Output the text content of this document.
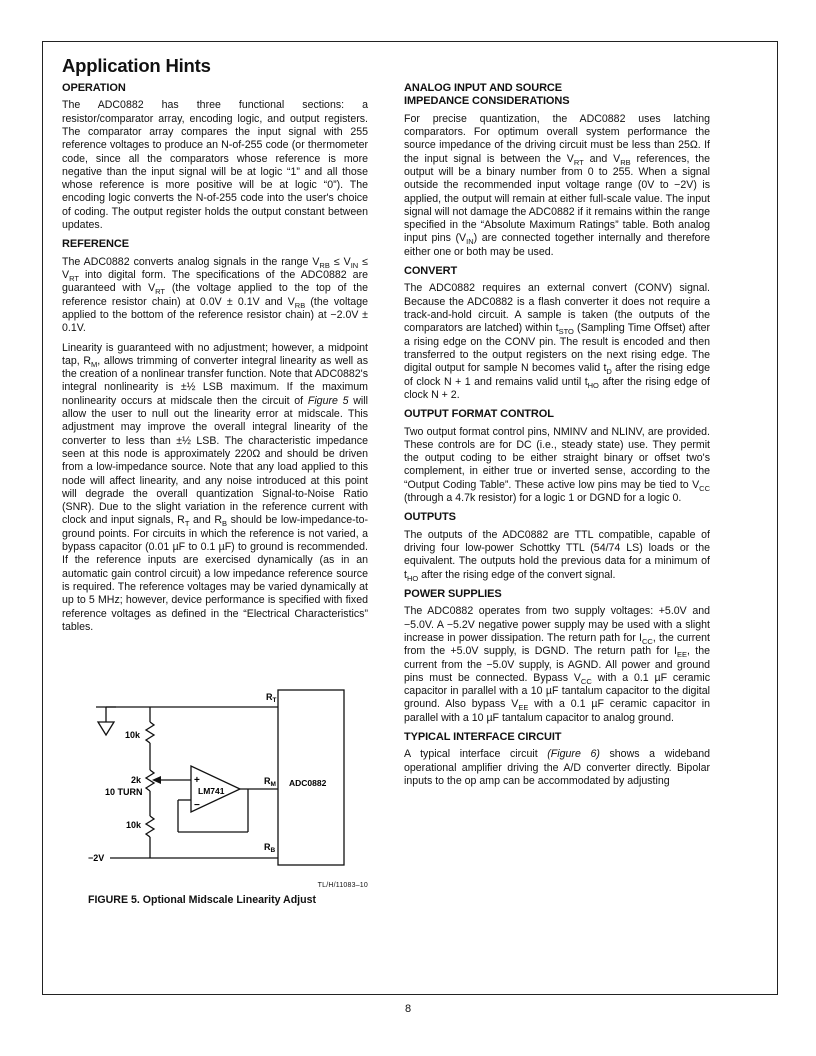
Application Hints
OPERATION

The ADC0882 has three functional sections: a resistor/comparator array, encoding logic, and output registers. The comparator array compares the input signal with 255 reference voltages to produce an N-of-255 code (or thermometer code, since all the comparators whose reference is more negative than the input signal will be at logic “1” and all those whose reference is more positive will be at logic “0”). The encoding logic converts the N-of-255 code into the user's choice of coding. The output register holds the output constant between updates.

REFERENCE

The ADC0882 converts analog signals in the range $V_{RB} \le V_{IN} \le V_{RT}$ into digital form. The specifications of the ADC0882 are guaranteed with $V_{RT}$ (the voltage applied to the top of the reference resistor chain) at 0.0V ± 0.1V and $V_{RB}$ (the voltage applied to the bottom of the reference resistor chain) at −2.0V ± 0.1V.

Linearity is guaranteed with no adjustment; however, a midpoint tap, $R_M$, allows trimming of converter integral linearity as well as the creation of a nonlinear transfer function. Note that ADC0882's integral nonlinearity is ±½ LSB maximum. If the maximum nonlinearity occurs at midscale then the circuit of Figure 5 will allow the user to null out the linearity error at midscale. This adjustment may improve the overall integral linearity of the converter to less than ±½ LSB. The characteristic impedance seen at this node is approximately 220Ω and should be driven from a low-impedance source. Note that any load applied to this node will affect linearity, and any noise introduced at this point will degrade the overall quantization Signal-to-Noise Ratio (SNR). Due to the slight variation in the reference current with clock and input signals, $R_T$ and $R_B$ should be low-impedance-to-ground points. For circuits in which the reference is not varied, a bypass capacitor (0.01 µF to 0.1 µF) to ground is recommended. If the reference inputs are exercised dynamically (as in an automatic gain control circuit) a low impedance reference source is required. The reference voltages may be varied dynamically at up to 5 MHz; however, device performance is specified with fixed reference voltages as defined in the “Electrical Characteristics” tables.

$R_T$
$R_M$
$R_B$
ADC0882
LM741
+
−
10k
2k
10 TURN
10k
−2V
TL/H/11083–10
FIGURE 5. Optional Midscale Linearity Adjust
ANALOG INPUT AND SOURCE
IMPEDANCE CONSIDERATIONS

For precise quantization, the ADC0882 uses latching comparators. For optimum overall system performance the source impedance of the driving circuit must be less than 25Ω. If the input signal is between the $V_{RT}$ and $V_{RB}$ references, the output will be a binary number from 0 to 255. When a signal outside the recommended input voltage range (0V to −2V) is applied, the output will remain at either full-scale value. The input signal will not damage the ADC0882 if it remains within the range specified in the “Absolute Maximum Ratings” table. Both analog input pins $(V_{IN})$ are connected together internally and therefore either one or both may be used.

CONVERT

The ADC0882 requires an external convert (CONV) signal. Because the ADC0882 is a flash converter it does not require a track-and-hold circuit. A sample is taken (the outputs of the comparators are latched) within $t_{STO}$ (Sampling Time Offset) after a rising edge on the CONV pin. The result is encoded and then transferred to the output registers on the next rising edge. The digital output for sample N becomes valid $t_D$ after the rising edge of clock N + 1 and remains valid until $t_{HO}$ after the rising edge of clock N + 2.

OUTPUT FORMAT CONTROL

Two output format control pins, NMINV and NLINV, are provided. These controls are for DC (i.e., steady state) use. They permit the output coding to be either straight binary or offset two's complement, in either true or inverted sense, according to the “Output Coding Table”. These active low pins may be tied to $V_{CC}$ (through a 4.7k resistor) for a logic 1 or DGND for a logic 0.

OUTPUTS

The outputs of the ADC0882 are TTL compatible, capable of driving four low-power Schottky TTL (54/74 LS) loads or the equivalent. The outputs hold the previous data for a minimum of $t_{HO}$ after the rising edge of the convert signal.

POWER SUPPLIES

The ADC0882 operates from two supply voltages: +5.0V and −5.0V. A −5.2V negative power supply may be used with a slight increase in power dissipation. The return path for $I_{CC}$, the current from the +5.0V supply, is DGND. The return path for $I_{EE}$, the current from the −5.0V supply, is AGND. All power and ground pins must be connected. Bypass $V_{CC}$ with a 0.1 µF ceramic capacitor in parallel with a 10 µF tantalum capacitor to the digital ground. Also bypass $V_{EE}$ with a 0.1 µF ceramic capacitor in parallel with a 10 µF tantalum capacitor to analog ground.

TYPICAL INTERFACE CIRCUIT

A typical interface circuit (Figure 6) shows a wideband operational amplifier driving the A/D converter directly. Bipolar inputs to the op amp can be accommodated by adjusting

8
